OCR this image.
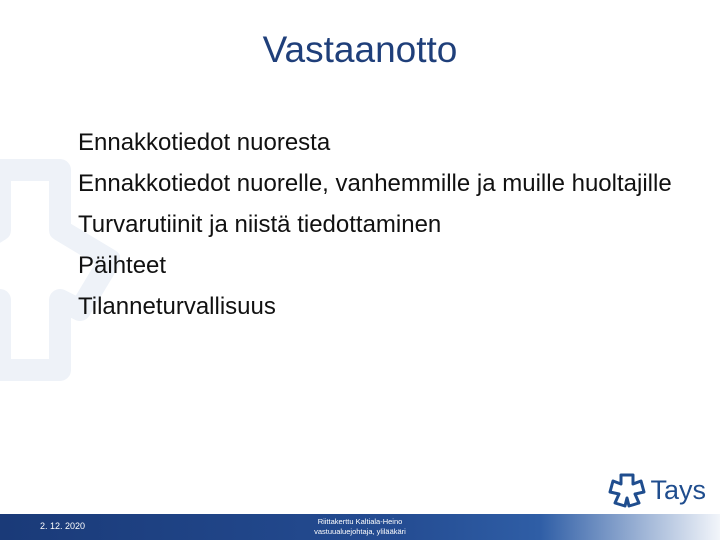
Vastaanotto
Ennakkotiedot nuoresta
Ennakkotiedot nuorelle, vanhemmille ja muille huoltajille
Turvarutiinit ja niistä tiedottaminen
Päihteet
Tilanneturvallisuus
Tays
2. 12. 2020	Riittakerttu Kaltiala-Heino
vastuualuejohtaja, ylilääkäri
